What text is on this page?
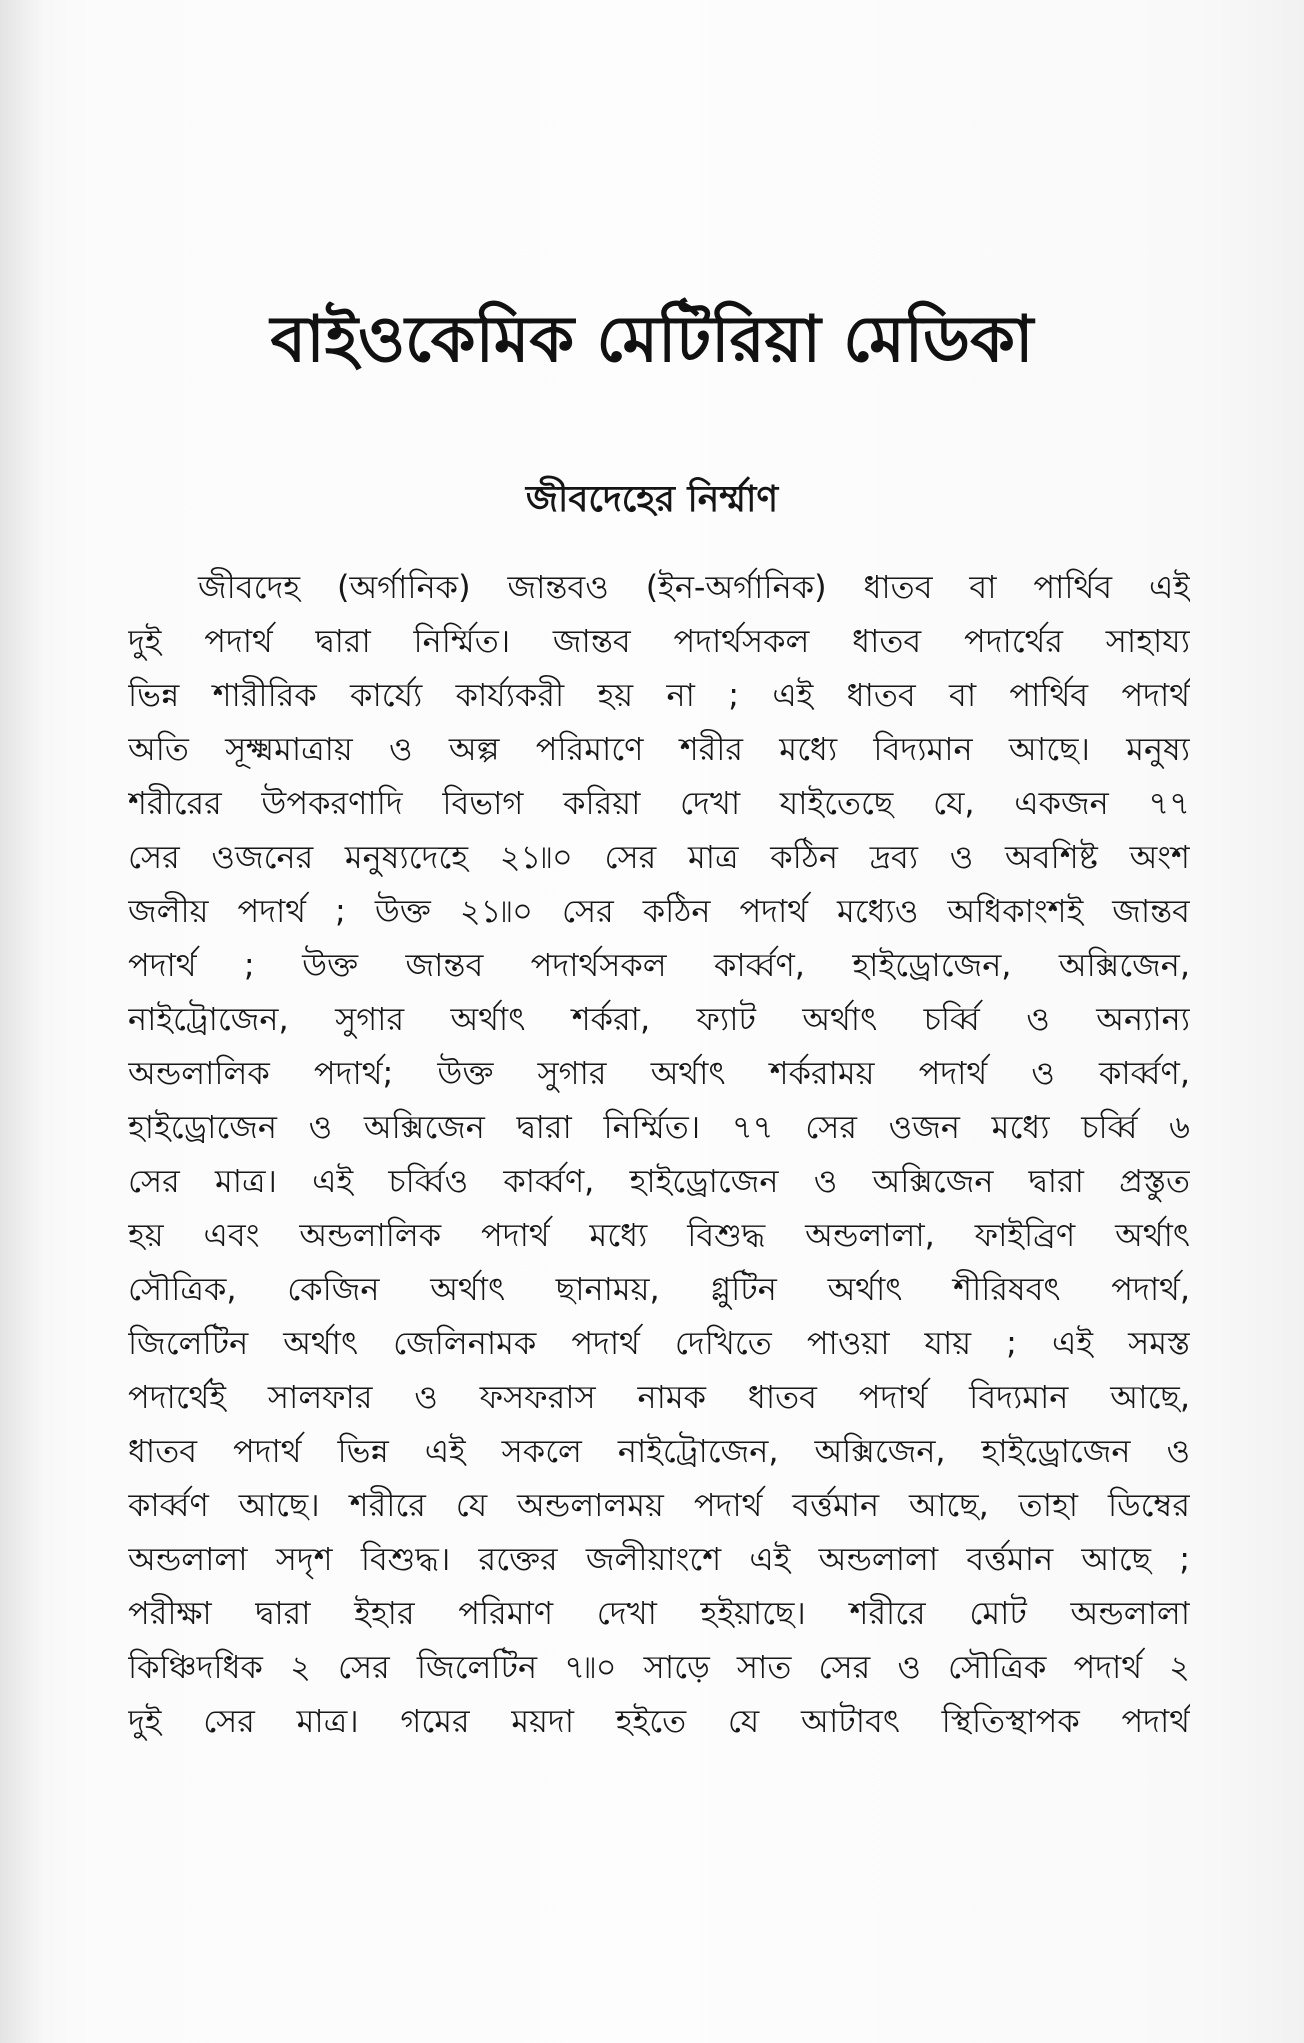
বাইওকেমিক মেটিরিয়া মেডিকা
জীবদেহের নির্ম্মাণ
জীবদেহ (অর্গানিক) জান্তবও (ইন-অর্গানিক) ধাতব বা পার্থিব এই
দুই পদার্থ দ্বারা নির্ম্মিত। জান্তব পদার্থসকল ধাতব পদার্থের সাহায্য
ভিন্ন শারীরিক কার্য্যে কার্য্যকরী হয় না ; এই ধাতব বা পার্থিব পদার্থ
অতি সূক্ষ্মমাত্রায় ও অল্প পরিমাণে শরীর মধ্যে বিদ্যমান আছে। মনুষ্য
শরীরের উপকরণাদি বিভাগ করিয়া দেখা যাইতেছে যে, একজন ৭৭
সের ওজনের মনুষ্যদেহে ২১৷৷০ সের মাত্র কঠিন দ্রব্য ও অবশিষ্ট অংশ
জলীয় পদার্থ ; উক্ত ২১৷৷০ সের কঠিন পদার্থ মধ্যেও অধিকাংশই জান্তব
পদার্থ ; উক্ত জান্তব পদার্থসকল কার্ব্বণ, হাইড্রোজেন, অক্সিজেন,
নাইট্রোজেন, সুগার অর্থাৎ শর্করা, ফ্যাট অর্থাৎ চর্ব্বি ও অন্যান্য
অন্ডলালিক পদার্থ; উক্ত সুগার অর্থাৎ শর্করাময় পদার্থ ও কার্ব্বণ,
হাইড্রোজেন ও অক্সিজেন দ্বারা নির্ম্মিত। ৭৭ সের ওজন মধ্যে চর্ব্বি ৬
সের মাত্র। এই চর্ব্বিও কার্ব্বণ, হাইড্রোজেন ও অক্সিজেন দ্বারা প্রস্তুত
হয় এবং অন্ডলালিক পদার্থ মধ্যে বিশুদ্ধ অন্ডলালা, ফাইব্রিণ অর্থাৎ
সৌত্রিক, কেজিন অর্থাৎ ছানাময়, গ্লুটিন অর্থাৎ শীরিষবৎ পদার্থ,
জিলেটিন অর্থাৎ জেলিনামক পদার্থ দেখিতে পাওয়া যায় ; এই সমস্ত
পদার্থেই সালফার ও ফসফরাস নামক ধাতব পদার্থ বিদ্যমান আছে,
ধাতব পদার্থ ভিন্ন এই সকলে নাইট্রোজেন, অক্সিজেন, হাইড্রোজেন ও
কার্ব্বণ আছে। শরীরে যে অন্ডলালময় পদার্থ বর্ত্তমান আছে, তাহা ডিম্বের
অন্ডলালা সদৃশ বিশুদ্ধ। রক্তের জলীয়াংশে এই অন্ডলালা বর্ত্তমান আছে ;
পরীক্ষা দ্বারা ইহার পরিমাণ দেখা হইয়াছে। শরীরে মোট অন্ডলালা
কিঞ্চিদধিক ২ সের জিলেটিন ৭৷৷০ সাড়ে সাত সের ও সৌত্রিক পদার্থ ২
দুই সের মাত্র। গমের ময়দা হইতে যে আটাবৎ স্থিতিস্থাপক পদার্থ
